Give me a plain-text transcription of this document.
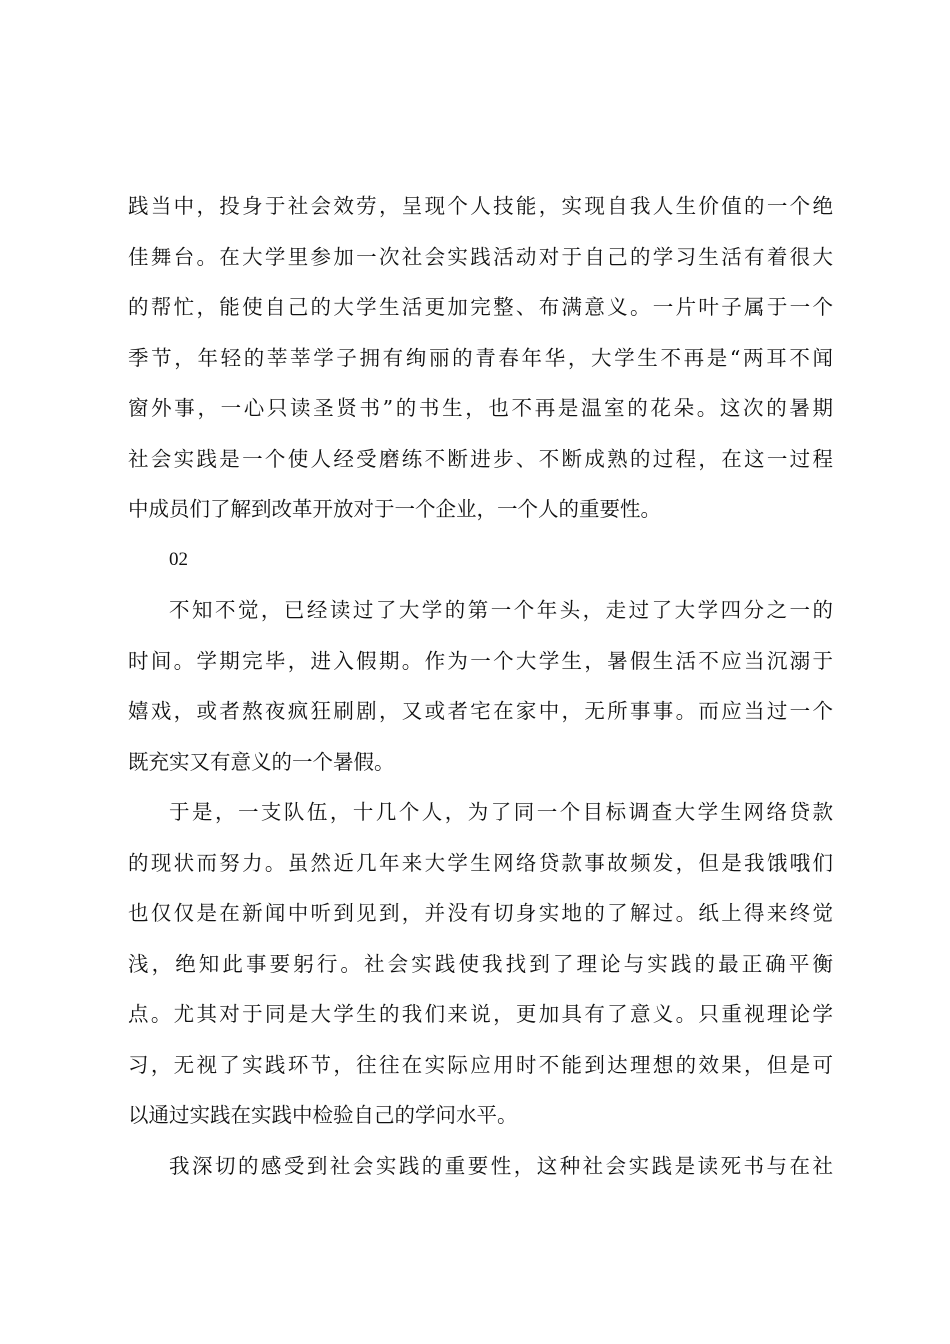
践当中，投身于社会效劳，呈现个人技能，实现自我人生价值的一个绝
佳舞台。在大学里参加一次社会实践活动对于自己的学习生活有着很大
的帮忙，能使自己的大学生活更加完整、布满意义。一片叶子属于一个
季节，年轻的莘莘学子拥有绚丽的青春年华，大学生不再是“两耳不闻
窗外事，一心只读圣贤书”的书生，也不再是温室的花朵。这次的暑期
社会实践是一个使人经受磨练不断进步、不断成熟的过程，在这一过程
中成员们了解到改革开放对于一个企业，一个人的重要性。

02

不知不觉，已经读过了大学的第一个年头，走过了大学四分之一的
时间。学期完毕，进入假期。作为一个大学生，暑假生活不应当沉溺于
嬉戏，或者熬夜疯狂刷剧，又或者宅在家中，无所事事。而应当过一个
既充实又有意义的一个暑假。

于是，一支队伍，十几个人，为了同一个目标调查大学生网络贷款
的现状而努力。虽然近几年来大学生网络贷款事故频发，但是我饿哦们
也仅仅是在新闻中听到见到，并没有切身实地的了解过。纸上得来终觉
浅，绝知此事要躬行。社会实践使我找到了理论与实践的最正确平衡
点。尤其对于同是大学生的我们来说，更加具有了意义。只重视理论学
习，无视了实践环节，往往在实际应用时不能到达理想的效果，但是可
以通过实践在实践中检验自己的学问水平。

我深切的感受到社会实践的重要性，这种社会实践是读死书与在社
